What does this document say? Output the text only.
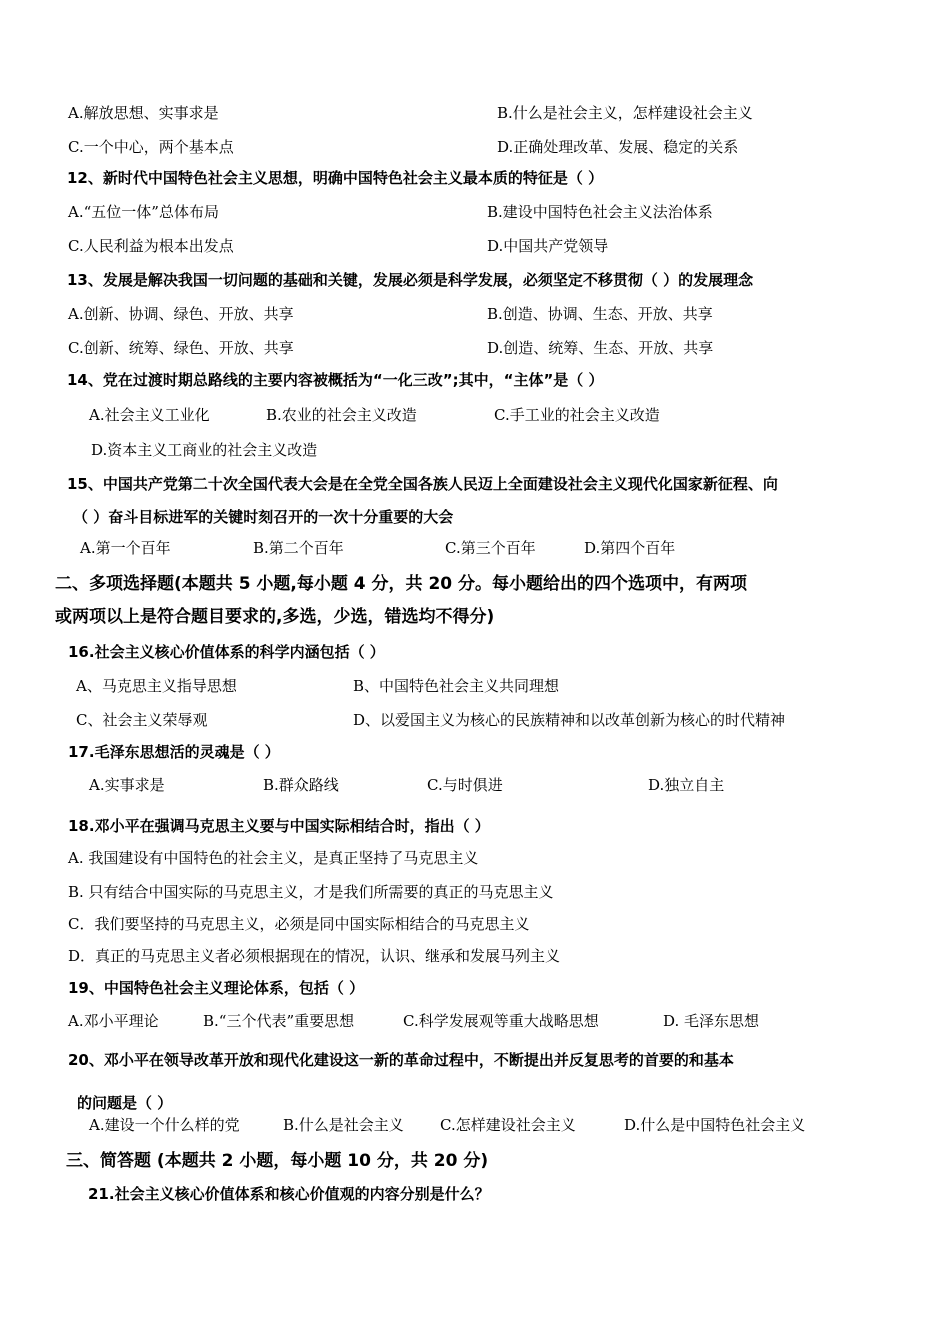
A.解放思想、实事求是	B.什么是社会主义，怎样建设社会主义
C.一个中心，两个基本点	D.正确处理改革、发展、稳定的关系
12、新时代中国特色社会主义思想，明确中国特色社会主义最本质的特征是（ ）
A.“五位一体”总体布局	B.建设中国特色社会主义法治体系
C.人民利益为根本出发点	D.中国共产党领导
13、发展是解决我国一切问题的基础和关键，发展必须是科学发展，必须坚定不移贯彻（ ）的发展理念
A.创新、协调、绿色、开放、共享	B.创造、协调、生态、开放、共享
C.创新、统筹、绿色、开放、共享	D.创造、统筹、生态、开放、共享
14、党在过渡时期总路线的主要内容被概括为“一化三改”;其中，“主体”是（ ）
A.社会主义工业化	B.农业的社会主义改造	C.手工业的社会主义改造
D.资本主义工商业的社会主义改造
15、中国共产党第二十次全国代表大会是在全党全国各族人民迈上全面建设社会主义现代化国家新征程、向
（ ）奋斗目标进军的关键时刻召开的一次十分重要的大会
A.第一个百年	B.第二个百年	C.第三个百年	D.第四个百年
二、多项选择题(本题共 5 小题,每小题 4 分，共 20 分。每小题给出的四个选项中，有两项
或两项以上是符合题目要求的,多选，少选，错选均不得分)
16.社会主义核心价值体系的科学内涵包括（ ）
A、马克思主义指导思想	B、中国特色社会主义共同理想
C、社会主义荣辱观	D、以爱国主义为核心的民族精神和以改革创新为核心的时代精神
17.毛泽东思想活的灵魂是（ ）
A.实事求是	B.群众路线	C.与时俱进	D.独立自主
18.邓小平在强调马克思主义要与中国实际相结合时，指出（ ）
A. 我国建设有中国特色的社会主义，是真正坚持了马克思主义
B. 只有结合中国实际的马克思主义，才是我们所需要的真正的马克思主义
C．我们要坚持的马克思主义，必须是同中国实际相结合的马克思主义
D．真正的马克思主义者必须根据现在的情况，认识、继承和发展马列主义
19、中国特色社会主义理论体系，包括（ ）
A.邓小平理论	B.“三个代表”重要思想	C.科学发展观等重大战略思想	D. 毛泽东思想
20、邓小平在领导改革开放和现代化建设这一新的革命过程中，不断提出并反复思考的首要的和基本
的问题是（ ）
A.建设一个什么样的党	B.什么是社会主义 C.怎样建设社会主义	D.什么是中国特色社会主义
三、简答题 (本题共 2 小题，每小题 10 分，共 20 分)
21.社会主义核心价值体系和核心价值观的内容分别是什么？
